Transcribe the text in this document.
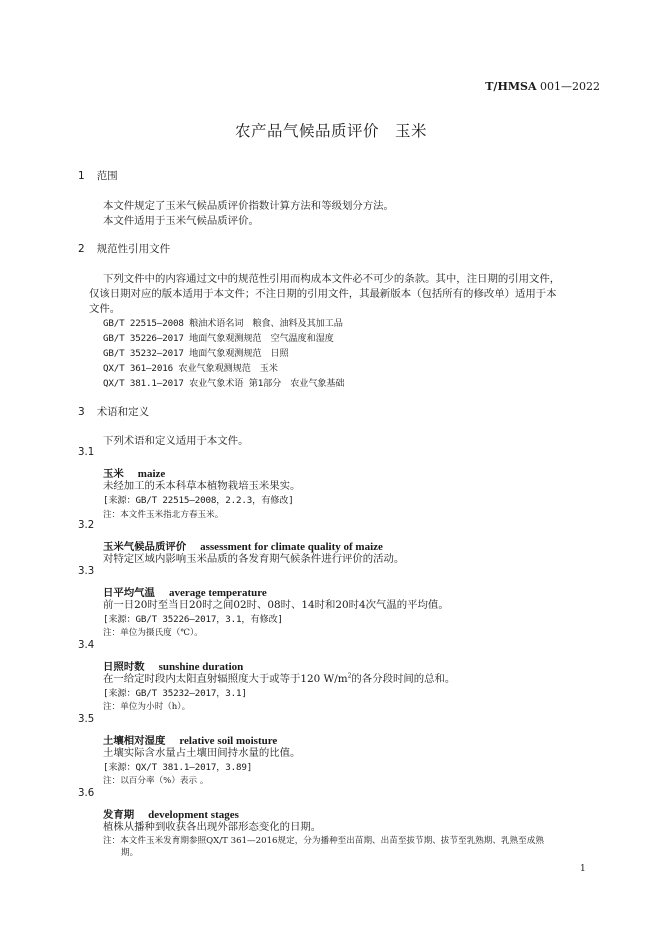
T/HMSA 001—2022
农产品气候品质评价　玉米
1 范围
本文件规定了玉米气候品质评价指数计算方法和等级划分方法。
本文件适用于玉米气候品质评价。
2 规范性引用文件
下列文件中的内容通过文中的规范性引用而构成本文件必不可少的条款。其中，注日期的引用文件，
仅该日期对应的版本适用于本文件；不注日期的引用文件，其最新版本（包括所有的修改单）适用于本
文件。
GB/T 22515—2008 粮油术语名词　粮食、油料及其加工品
GB/T 35226—2017 地面气象观测规范　空气温度和湿度
GB/T 35232—2017 地面气象观测规范　日照
QX/T 361—2016 农业气象观测规范　玉米
QX/T 381.1—2017 农业气象术语 第1部分　农业气象基础
3 术语和定义
下列术语和定义适用于本文件。
3.1
玉米 maize
未经加工的禾本科草本植物栽培玉米果实。
[来源：GB/T 22515—2008，2.2.3，有修改]
注：本文件玉米指北方春玉米。
3.2
玉米气候品质评价 assessment for climate quality of maize
对特定区域内影响玉米品质的各发育期气候条件进行评价的活动。
3.3
日平均气温 average temperature
前一日20时至当日20时之间02时、08时、14时和20时4次气温的平均值。
[来源：GB/T 35226—2017，3.1，有修改]
注：单位为摄氏度（℃）。
3.4
日照时数 sunshine duration
在一给定时段内太阳直射辐照度大于或等于120 $W/m^2$的各分段时间的总和。
[来源：GB/T 35232—2017，3.1]
注：单位为小时（h）。
3.5
土壤相对湿度 relative soil moisture
土壤实际含水量占土壤田间持水量的比值。
[来源：QX/T 381.1—2017，3.89]
注：以百分率（%）表示 。
3.6
发育期 development stages
植株从播种到收获各出现外部形态变化的日期。
注：本文件玉米发育期参照QX/T 361—2016规定，分为播种至出苗期、出苗至拔节期、拔节至乳熟期、乳熟至成熟
期。
1
